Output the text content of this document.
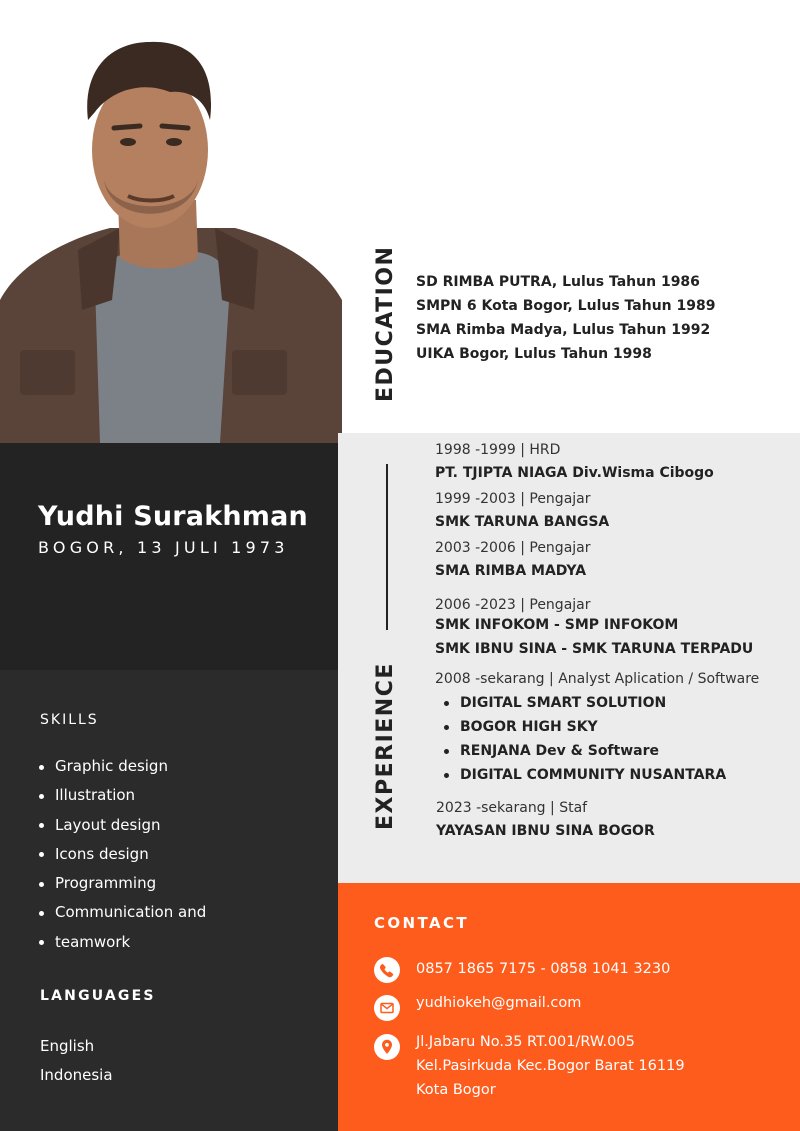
Yudhi Surakhman
BOGOR, 13 JULI 1973
SKILLS
Graphic design
Illustration
Layout design
Icons design
Programming
Communication and
teamwork
LANGUAGES
English
Indonesia
EDUCATION SD RIMBA PUTRA, Lulus Tahun 1986
SMPN 6 Kota Bogor, Lulus Tahun 1989
SMA Rimba Madya, Lulus Tahun 1992
UIKA Bogor, Lulus Tahun 1998
EXPERIENCE
1998 -1999 | HRD
PT. TJIPTA NIAGA Div.Wisma Cibogo
1999 -2003 | Pengajar
SMK TARUNA BANGSA
2003 -2006 | Pengajar
SMA RIMBA MADYA
2006 -2023 | Pengajar
SMK INFOKOM - SMP INFOKOM
SMK IBNU SINA - SMK TARUNA TERPADU
2008 -sekarang | Analyst Aplication / Software
DIGITAL SMART SOLUTION
BOGOR HIGH SKY
RENJANA Dev & Software
DIGITAL COMMUNITY NUSANTARA
2023 -sekarang | Staf
YAYASAN IBNU SINA BOGOR
CONTACT
0857 1865 7175 - 0858 1041 3230
yudhiokeh@gmail.com
Jl.Jabaru No.35 RT.001/RW.005
Kel.Pasirkuda Kec.Bogor Barat 16119
Kota Bogor
